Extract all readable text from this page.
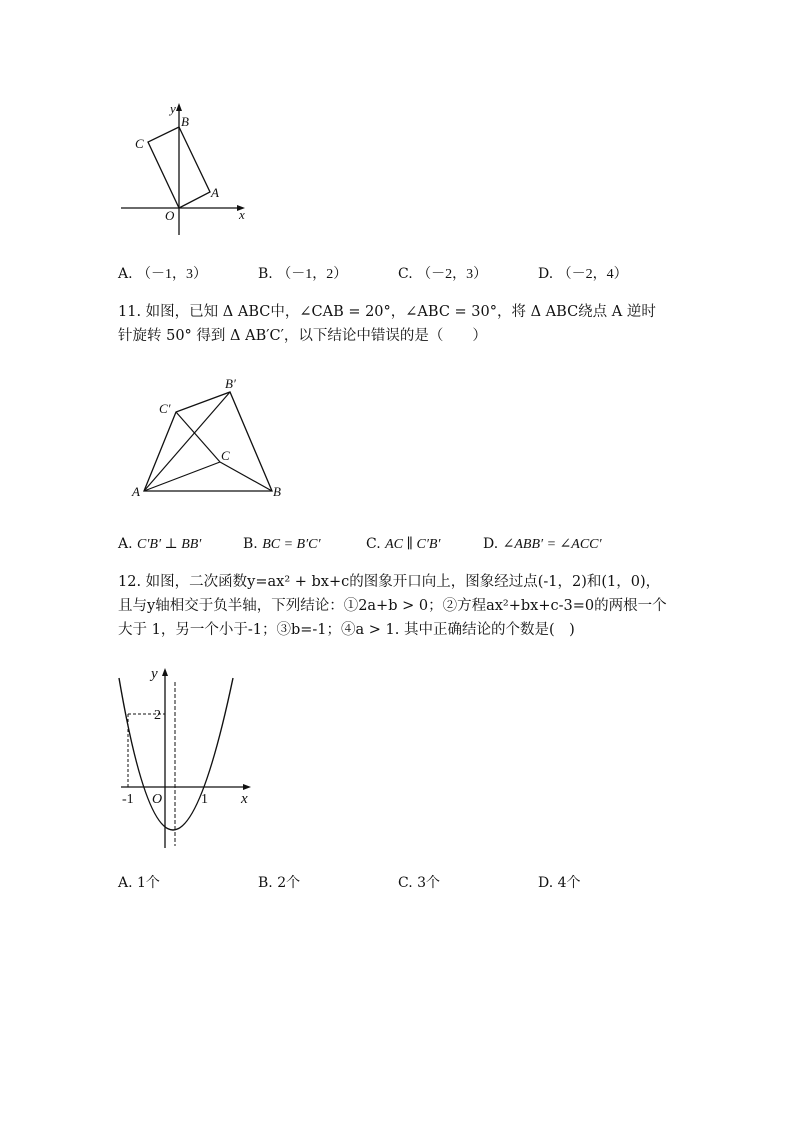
y
x
B
C
A
O
A. （－1，3）	B. （－1，2）	C. （－2，3）	D. （－2，4）
11. 如图，已知 Δ ABC中，∠CAB = 20°，∠ABC = 30°，将 Δ ABC绕点 A 逆时
针旋转 50° 得到 Δ AB′C′，以下结论中错误的是（　　）
B′
C′
C
A	B
A. C′B′ ⊥ BB′	B. BC = B′C′	C. AC ∥ C′B′	D. ∠ABB′ = ∠ACC′
12. 如图，二次函数y=ax² + bx+c的图象开口向上，图象经过点(-1，2)和(1，0)，
且与y轴相交于负半轴，下列结论：①2a+b > 0；②方程ax²+bx+c-3=0的两根一个
大于 1，另一个小于-1；③b=-1；④a > 1. 其中正确结论的个数是(　)
y
x
2
-1 O	1
A. 1个	B. 2个	C. 3个	D. 4个
